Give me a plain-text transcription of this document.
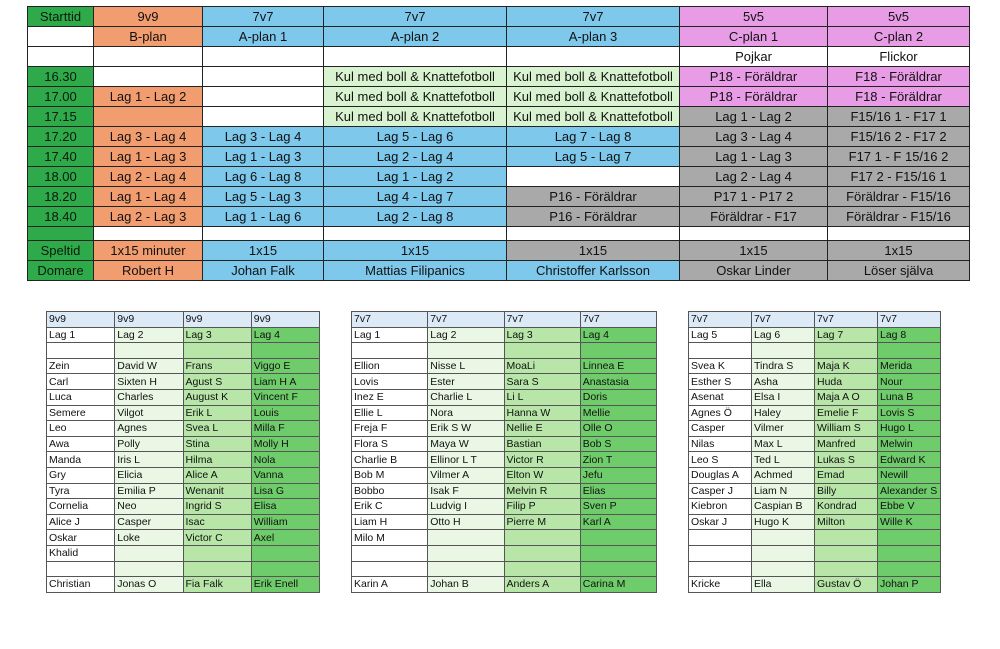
Starttid	9v9	7v7	7v7	7v7	5v5	5v5
	B-plan	A-plan 1	A-plan 2	A-plan 3	C-plan 1	C-plan 2
					Pojkar	Flickor
16.30			Kul med boll & Knattefotboll	Kul med boll & Knattefotboll	P18 - Föräldrar	F18 - Föräldrar
17.00	Lag 1 - Lag 2		Kul med boll & Knattefotboll	Kul med boll & Knattefotboll	P18 - Föräldrar	F18 - Föräldrar
17.15			Kul med boll & Knattefotboll	Kul med boll & Knattefotboll	Lag 1 - Lag 2	F15/16 1 - F17 1
17.20	Lag 3 - Lag 4	Lag 3 - Lag 4	Lag 5 - Lag 6	Lag 7 - Lag 8	Lag 3 - Lag 4	F15/16 2 - F17 2
17.40	Lag 1 - Lag 3	Lag 1 - Lag 3	Lag 2 - Lag 4	Lag 5 - Lag 7	Lag 1 - Lag 3	F17 1 - F 15/16 2
18.00	Lag 2 - Lag 4	Lag 6 - Lag 8	Lag 1 - Lag 2		Lag 2 - Lag 4	F17 2 - F15/16 1
18.20	Lag 1 - Lag 4	Lag 5 - Lag 3	Lag 4 - Lag 7	P16 - Föräldrar	P17 1 - P17 2	Föräldrar - F15/16
18.40	Lag 2 - Lag 3	Lag 1 - Lag 6	Lag 2 - Lag 8	P16 - Föräldrar	Föräldrar - F17	Föräldrar - F15/16

Speltid	1x15 minuter	1x15	1x15	1x15	1x15	1x15
Domare	Robert H	Johan Falk	Mattias Filipanics	Christoffer Karlsson	Oskar Linder	Löser själva
9v9	9v9	9v9	9v9
Lag 1	Lag 2	Lag 3	Lag 4

Zein	David W	Frans	Viggo E
Carl	Sixten H	Agust S	Liam H A
Luca	Charles	August K	Vincent F
Semere	Vilgot	Erik L	Louis
Leo	Agnes	Svea L	Milla F
Awa	Polly	Stina	Molly H
Manda	Iris L	Hilma	Nola
Gry	Elicia	Alice A	Vanna
Tyra	Emilia P	Wenanit	Lisa G
Cornelia	Neo	Ingrid S	Elisa
Alice J	Casper	Isac	William
Oskar	Loke	Victor C	Axel
Khalid			

Christian	Jonas O	Fia Falk	Erik Enell
7v7	7v7	7v7	7v7
Lag 1	Lag 2	Lag 3	Lag 4

Ellion	Nisse L	MoaLi	Linnea E
Lovis	Ester	Sara S	Anastasia
Inez E	Charlie L	Li L	Doris
Ellie L	Nora	Hanna W	Mellie
Freja F	Erik S W	Nellie E	Olle O
Flora S	Maya W	Bastian	Bob S
Charlie B	Ellinor L T	Victor R	Zion T
Bob M	Vilmer A	Elton W	Jefu
Bobbo	Isak F	Melvin R	Elias
Erik C	Ludvig I	Filip P	Sven P
Liam H	Otto H	Pierre M	Karl A
Milo M			

Karin A	Johan B	Anders A	Carina M
7v7	7v7	7v7	7v7
Lag 5	Lag 6	Lag 7	Lag 8

Svea K	Tindra S	Maja K	Merida
Esther S	Asha	Huda	Nour
Asenat	Elsa I	Maja A O	Luna B
Agnes Ö	Haley	Emelie F	Lovis S
Casper	Vilmer	William S	Hugo L
Nilas	Max L	Manfred	Melwin
Leo S	Ted L	Lukas S	Edward K
Douglas A	Achmed	Emad	Newill
Casper J	Liam N	Billy	Alexander S
Kiebron	Caspian B	Kondrad	Ebbe V
Oskar J	Hugo K	Milton	Wille K

Kricke	Ella	Gustav Ö	Johan P
